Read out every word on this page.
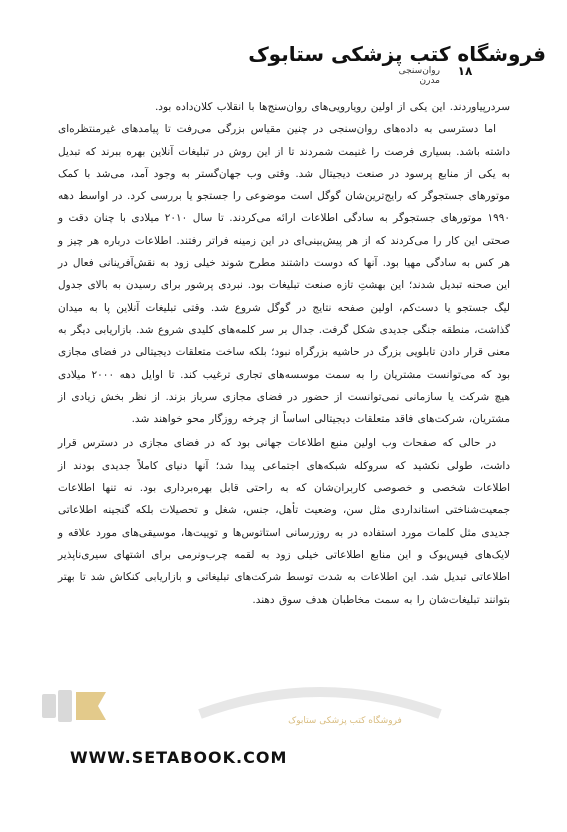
فروشگاه کتب پزشکی ستابوک
روان‌سنجی مدرن
۱۸

سردرپیاوردند. این یکی از اولین رویارویی‌های روان‌سنج‌ها با انقلاب کلان‌داده بود.

اما دسترسی به داده‌های روان‌سنجی در چنین مقیاس بزرگی می‌رفت تا پیامدهای غیرمنتظره‌ای داشته باشد. بسیاری فرصت را غنیمت شمردند تا از این روش در تبلیغات آنلاین بهره ببرند که تبدیل به یکی از منابع پرسود در صنعت دیجیتال شد. وقتی وب جهان‌گستر به وجود آمد، می‌شد با کمک موتورهای جستجوگر که رایج‌ترین‌شان گوگل است موضوعی را جستجو یا بررسی کرد. در اواسط دهه ۱۹۹۰ موتورهای جستجوگر به سادگی اطلاعات ارائه می‌کردند. تا سال ۲۰۱۰ میلادی با چنان دقت و صحتی این کار را می‌کردند که از هر پیش‌بینی‌ای در این زمینه فراتر رفتند. اطلاعات درباره هر چیز و هر کس به سادگی مهیا بود. آنها که دوست داشتند مطرح شوند خیلی زود به نقش‌آفرینانی فعال در این صحنه تبدیل شدند؛ این بهشتِ تازه صنعت تبلیغات بود. نبردی پرشور برای رسیدن به بالای جدول لیگ جستجو یا دست‌کم، اولین صفحه نتایج در گوگل شروع شد. وقتی تبلیغات آنلاین پا به میدان گذاشت، منطقه جنگی جدیدی شکل گرفت. جدال بر سر کلمه‌های کلیدی شروع شد. بازاریابی دیگر به معنی قرار دادن تابلویی بزرگ در حاشیه بزرگراه نبود؛ بلکه ساخت متعلقات دیجیتالی در فضای مجازی بود که می‌توانست مشتریان را به سمت موسسه‌های تجاری ترغیب کند. تا اوایل دهه ۲۰۰۰ میلادی هیچ شرکت یا سازمانی نمی‌توانست از حضور در فضای مجازی سرباز بزند. از نظر بخش زیادی از مشتریان، شرکت‌های فاقد متعلقات دیجیتالی اساساً از چرخه روزگار محو خواهند شد.

در حالی که صفحات وب اولین منبع اطلاعات جهانی بود که در فضای مجازی در دسترس قرار داشت، طولی نکشید که سروکله شبکه‌های اجتماعی پیدا شد؛ آنها دنیای کاملاً جدیدی بودند از اطلاعات شخصی و خصوصی کاربران‌شان که به راحتی قابل بهره‌برداری بود. نه تنها اطلاعات جمعیت‌شناختی استانداردی مثل سن، وضعیت تأهل، جنس، شغل و تحصیلات بلکه گنجینه اطلاعاتی جدیدی مثل کلمات مورد استفاده در به روزرسانی استاتوس‌ها و توییت‌ها، موسیقی‌های مورد علاقه و لایک‌های فیس‌بوک و این منابع اطلاعاتی خیلی زود به لقمه چرب‌ونرمی برای اشتهای سیری‌ناپذیر اطلاعاتی تبدیل شد. این اطلاعات به شدت توسط شرکت‌های تبلیغاتی و بازاریابی کنکاش شد تا بهتر بتوانند تبلیغات‌شان را به سمت مخاطبان هدف سوق دهند.

فروشگاه کتب پزشکی ستابوک
WWW.SETABOOK.COM
